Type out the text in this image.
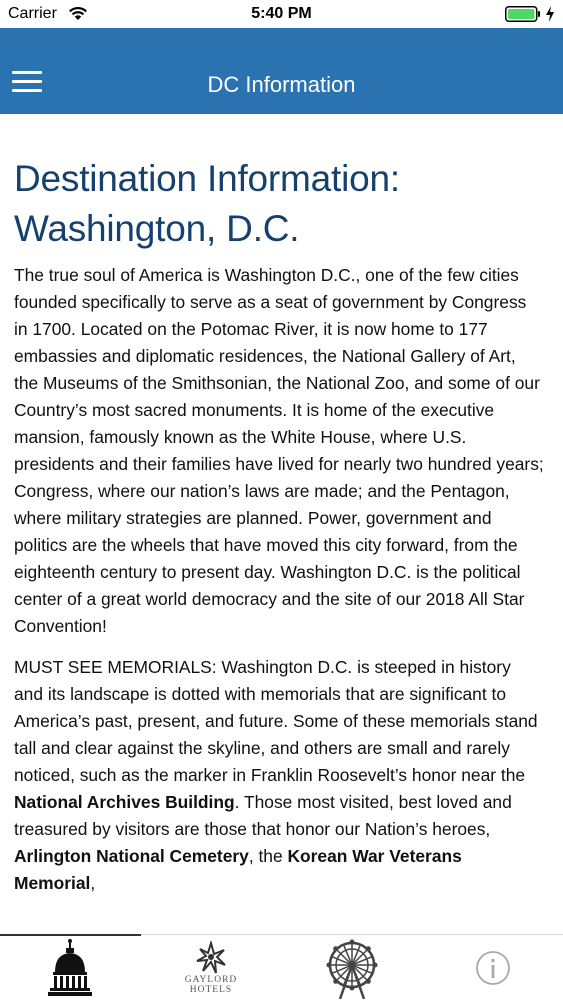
Carrier	5:40 PM
DC Information
Destination Information:
Washington, D.C.

The true soul of America is Washington D.C., one of the few cities founded specifically to serve as a seat of government by Congress in 1700. Located on the Potomac River, it is now home to 177 embassies and diplomatic residences, the National Gallery of Art, the Museums of the Smithsonian, the National Zoo, and some of our Country’s most sacred monuments. It is home of the executive mansion, famously known as the White House, where U.S. presidents and their families have lived for nearly two hundred years; Congress, where our nation’s laws are made; and the Pentagon, where military strategies are planned. Power, government and politics are the wheels that have moved this city forward, from the eighteenth century to present day. Washington D.C. is the political center of a great world democracy and the site of our 2018 All Star Convention!

MUST SEE MEMORIALS: Washington D.C. is steeped in history and its landscape is dotted with memorials that are significant to America’s past, present, and future. Some of these memorials stand tall and clear against the skyline, and others are small and rarely noticed, such as the marker in Franklin Roosevelt’s honor near the National Archives Building. Those most visited, best loved and treasured by visitors are those that honor our Nation’s heroes, Arlington National Cemetery, the Korean War Veterans Memorial,

GAYLORD
HOTELS
